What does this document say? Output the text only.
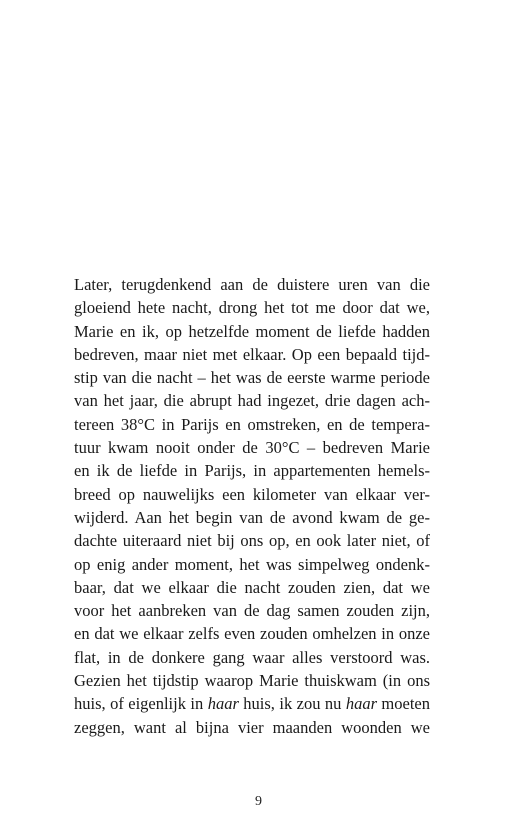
Later, terugdenkend aan de duistere uren van die
gloeiend hete nacht, drong het tot me door dat we,
Marie en ik, op hetzelfde moment de liefde hadden
bedreven, maar niet met elkaar. Op een bepaald tijd-
stip van die nacht – het was de eerste warme periode
van het jaar, die abrupt had ingezet, drie dagen ach-
tereen 38°C in Parijs en omstreken, en de tempera-
tuur kwam nooit onder de 30°C – bedreven Marie
en ik de liefde in Parijs, in appartementen hemels-
breed op nauwelijks een kilometer van elkaar ver-
wijderd. Aan het begin van de avond kwam de ge-
dachte uiteraard niet bij ons op, en ook later niet, of
op enig ander moment, het was simpelweg ondenk-
baar, dat we elkaar die nacht zouden zien, dat we
voor het aanbreken van de dag samen zouden zijn,
en dat we elkaar zelfs even zouden omhelzen in onze
flat, in de donkere gang waar alles verstoord was.
Gezien het tijdstip waarop Marie thuiskwam (in ons
huis, of eigenlijk in haar huis, ik zou nu haar moeten
zeggen, want al bijna vier maanden woonden we
9
